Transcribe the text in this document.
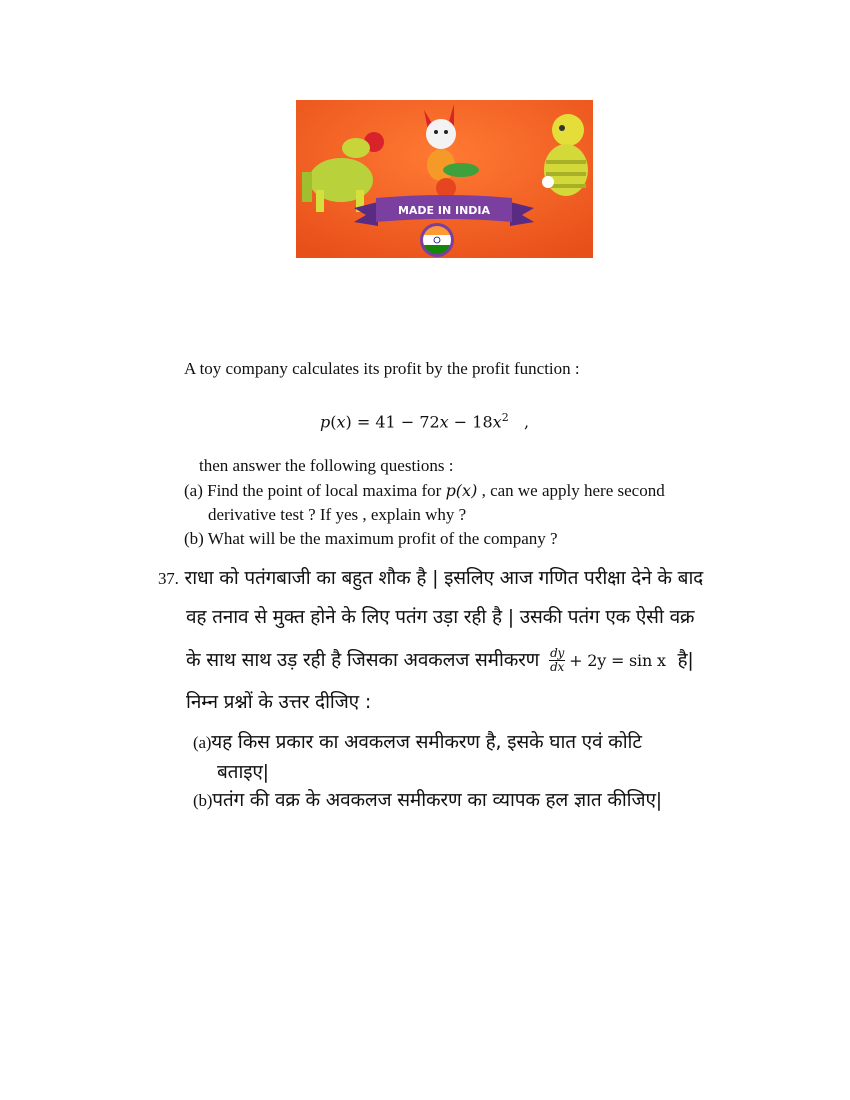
MADE IN INDIA
A toy company calculates its profit by the profit function :
$p(x) = 41 - 72x - 18x^2$ ,
then answer the following questions :
(a) Find the point of local maxima for p(x) , can we apply here second
derivative test ? If yes , explain why ?
(b) What will be the maximum profit of the company ?
37. राधा को पतंगबाजी का बहुत शौक है | इसलिए आज गणित परीक्षा देने के बाद
वह तनाव से मुक्त होने के लिए पतंग उड़ा रही है | उसकी पतंग एक ऐसी वक्र
के साथ साथ उड़ रही है जिसका अवकलज समीकरण $\frac{dy}{dx} + 2y = \sin x$ है|
निम्न प्रश्नों के उत्तर दीजिए :
(a)यह किस प्रकार का अवकलज समीकरण है, इसके घात एवं कोटि
बताइए|
(b)पतंग की वक्र के अवकलज समीकरण का व्यापक हल ज्ञात कीजिए|
